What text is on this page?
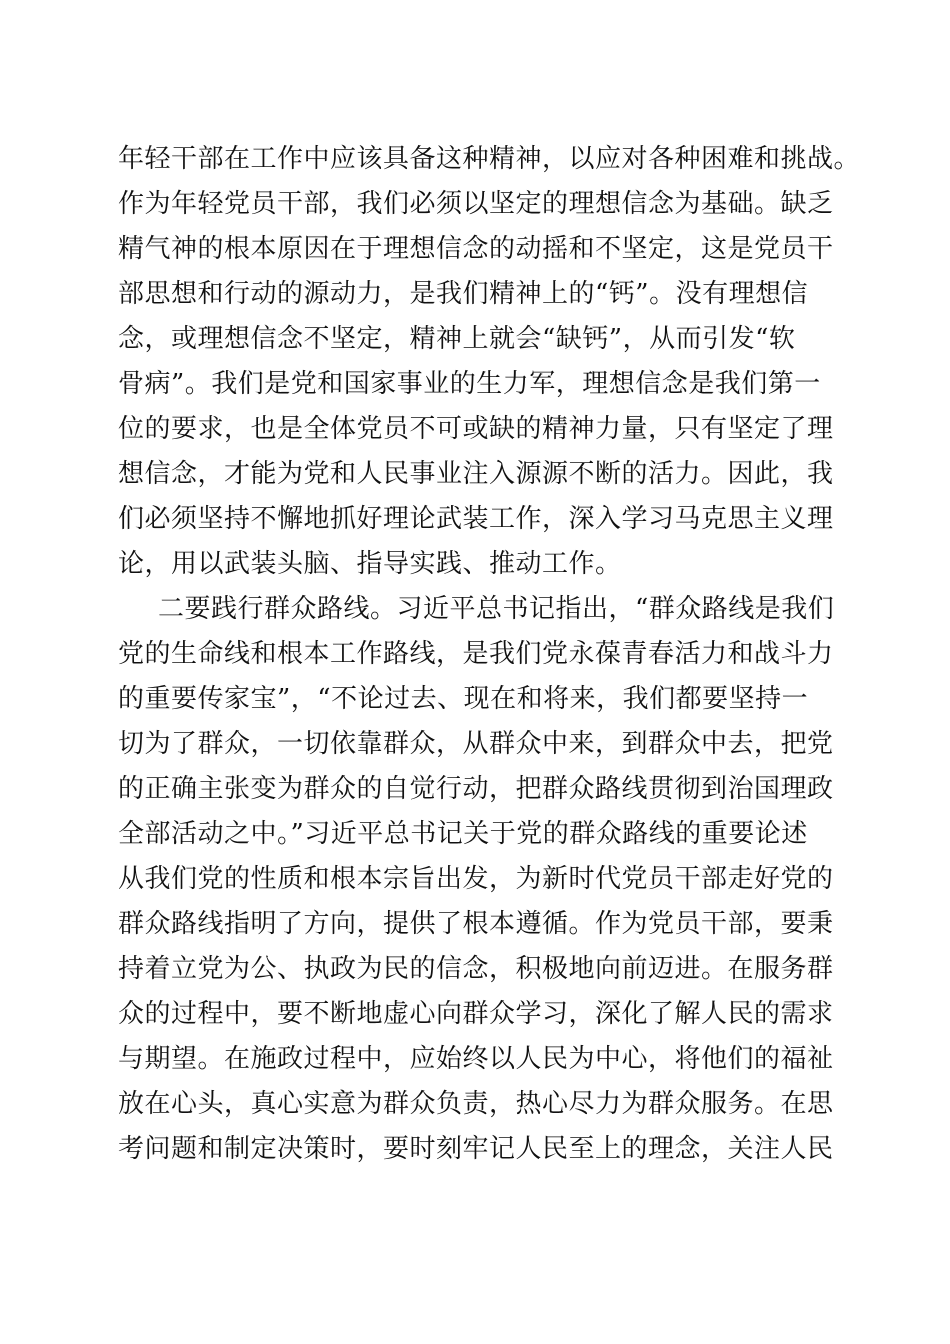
年轻干部在工作中应该具备这种精神，以应对各种困难和挑战。
作为年轻党员干部，我们必须以坚定的理想信念为基础。缺乏
精气神的根本原因在于理想信念的动摇和不坚定，这是党员干
部思想和行动的源动力，是我们精神上的“钙”。没有理想信
念，或理想信念不坚定，精神上就会“缺钙”，从而引发“软
骨病”。我们是党和国家事业的生力军，理想信念是我们第一
位的要求，也是全体党员不可或缺的精神力量，只有坚定了理
想信念，才能为党和人民事业注入源源不断的活力。因此，我
们必须坚持不懈地抓好理论武装工作，深入学习马克思主义理
论，用以武装头脑、指导实践、推动工作。
二要践行群众路线。习近平总书记指出，“群众路线是我们
党的生命线和根本工作路线，是我们党永葆青春活力和战斗力
的重要传家宝”，“不论过去、现在和将来，我们都要坚持一
切为了群众，一切依靠群众，从群众中来，到群众中去，把党
的正确主张变为群众的自觉行动，把群众路线贯彻到治国理政
全部活动之中。”习近平总书记关于党的群众路线的重要论述
从我们党的性质和根本宗旨出发，为新时代党员干部走好党的
群众路线指明了方向，提供了根本遵循。作为党员干部，要秉
持着立党为公、执政为民的信念，积极地向前迈进。在服务群
众的过程中，要不断地虚心向群众学习，深化了解人民的需求
与期望。在施政过程中，应始终以人民为中心，将他们的福祉
放在心头，真心实意为群众负责，热心尽力为群众服务。在思
考问题和制定决策时，要时刻牢记人民至上的理念，关注人民
